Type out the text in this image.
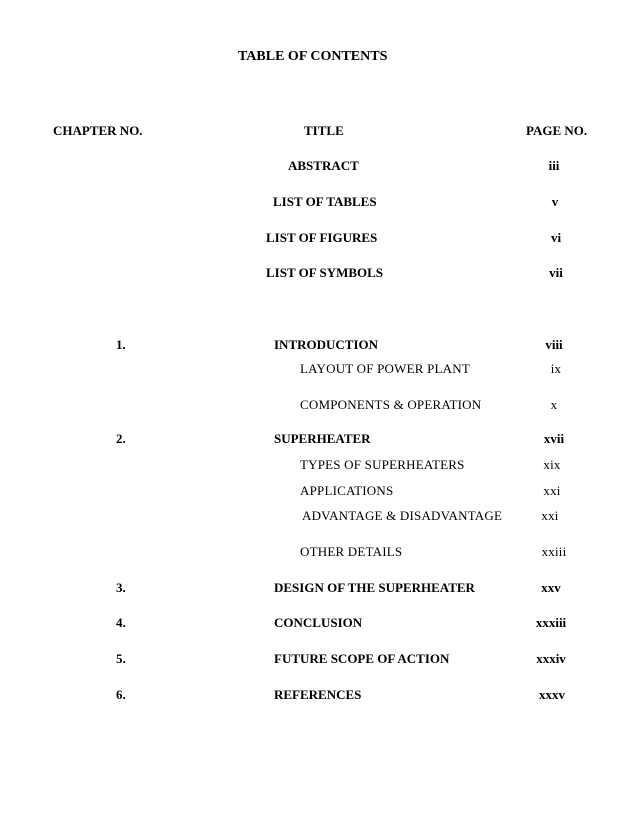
TABLE OF CONTENTS
CHAPTER NO.	TITLE	PAGE NO.
ABSTRACT	iii
LIST OF TABLES	v
LIST OF FIGURES	vi
LIST OF SYMBOLS	vii
1.	INTRODUCTION	viii
LAYOUT OF POWER PLANT	ix
COMPONENTS & OPERATION	x
2.	SUPERHEATER	xvii
TYPES OF SUPERHEATERS	xix
APPLICATIONS	xxi
ADVANTAGE & DISADVANTAGE	xxi
OTHER DETAILS	xxiii
3.	DESIGN OF THE SUPERHEATER	xxv
4.	CONCLUSION	xxxiii
5.	FUTURE SCOPE OF ACTION	xxxiv
6.	REFERENCES	xxxv
